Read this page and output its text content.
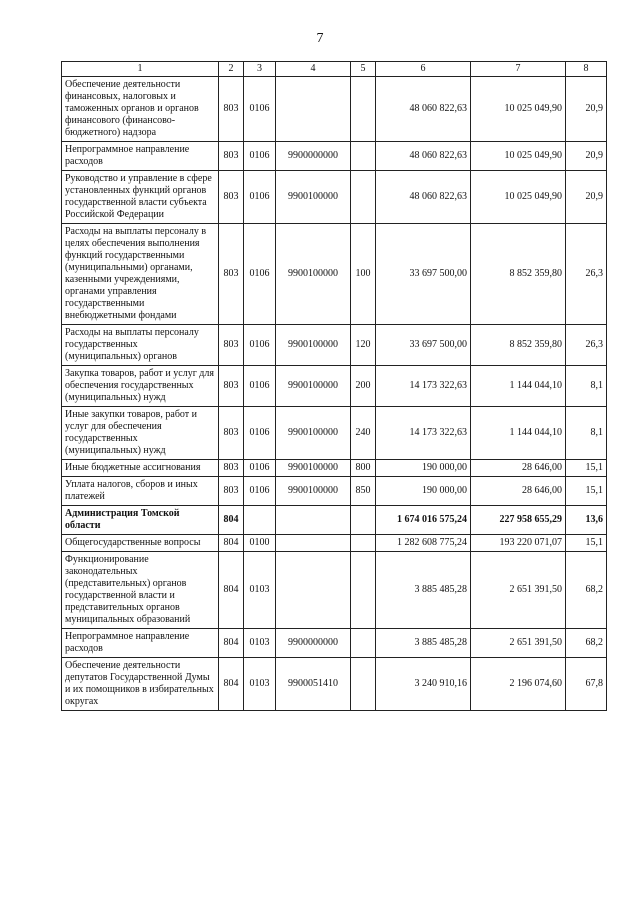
7
1	2	3	4	5	6	7	8
Обеспечение деятельности финансовых, налоговых и таможенных органов и органов финансового (финансово-бюджетного) надзора	803	0106			48 060 822,63	10 025 049,90	20,9
Непрограммное направление расходов	803	0106	9900000000		48 060 822,63	10 025 049,90	20,9
Руководство и управление в сфере установленных функций органов государственной власти субъекта Российской Федерации	803	0106	9900100000		48 060 822,63	10 025 049,90	20,9
Расходы на выплаты персоналу в целях обеспечения выполнения функций государственными (муниципальными) органами, казенными учреждениями, органами управления государственными внебюджетными фондами	803	0106	9900100000	100	33 697 500,00	8 852 359,80	26,3
Расходы на выплаты персоналу государственных (муниципальных) органов	803	0106	9900100000	120	33 697 500,00	8 852 359,80	26,3
Закупка товаров, работ и услуг для обеспечения государственных (муниципальных) нужд	803	0106	9900100000	200	14 173 322,63	1 144 044,10	8,1
Иные закупки товаров, работ и услуг для обеспечения государственных (муниципальных) нужд	803	0106	9900100000	240	14 173 322,63	1 144 044,10	8,1
Иные бюджетные ассигнования	803	0106	9900100000	800	190 000,00	28 646,00	15,1
Уплата налогов, сборов и иных платежей	803	0106	9900100000	850	190 000,00	28 646,00	15,1
Администрация Томской области	804				1 674 016 575,24	227 958 655,29	13,6
Общегосударственные вопросы	804	0100			1 282 608 775,24	193 220 071,07	15,1
Функционирование законодательных (представительных) органов государственной власти и представительных органов муниципальных образований	804	0103			3 885 485,28	2 651 391,50	68,2
Непрограммное направление расходов	804	0103	9900000000		3 885 485,28	2 651 391,50	68,2
Обеспечение деятельности депутатов Государственной Думы и их помощников в избирательных округах	804	0103	9900051410		3 240 910,16	2 196 074,60	67,8
